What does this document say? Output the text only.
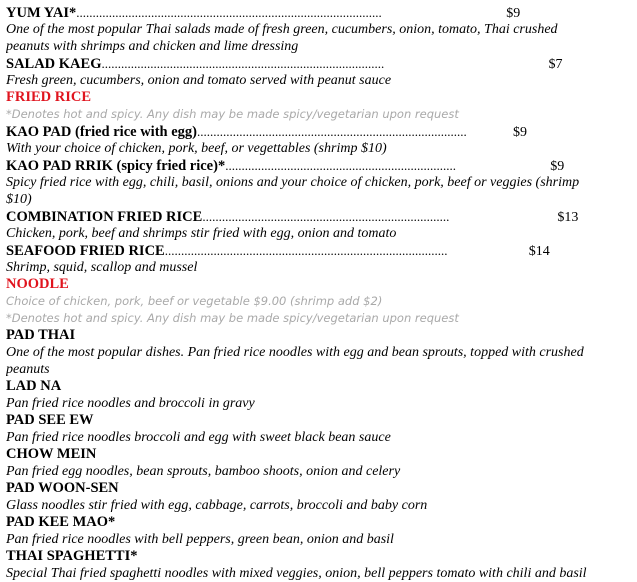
YUM YAI* ..............................................................................................	$9
One of the most popular Thai salads made of fresh green, cucumbers, onion, tomato, Thai crushed
peanuts with shrimps and chicken and lime dressing
SALAD KAEG .......................................................................................	$7
Fresh green, cucumbers, onion and tomato served with peanut sauce
FRIED RICE
*Denotes hot and spicy. Any dish may be made spicy/vegetarian upon request
KAO PAD (fried rice with egg) ...................................................................................	$9
With your choice of chicken, pork, beef, or vegettables (shrimp $10)
KAO PAD RRIK (spicy fried rice)* .......................................................................	$9
Spicy fried rice with egg, chili, basil, onions and your choice of chicken, pork, beef or veggies (shrimp
$10)
COMBINATION FRIED RICE ............................................................................	$13
Chicken, pork, beef and shrimps stir fried with egg, onion and tomato
SEAFOOD FRIED RICE .......................................................................................	$14
Shrimp, squid, scallop and mussel
NOODLE
Choice of chicken, pork, beef or vegetable $9.00 (shrimp add $2)
*Denotes hot and spicy. Any dish may be made spicy/vegetarian upon request
PAD THAI
One of the most popular dishes. Pan fried rice noodles with egg and bean sprouts, topped with crushed
peanuts
LAD NA
Pan fried rice noodles and broccoli in gravy
PAD SEE EW
Pan fried rice noodles broccoli and egg with sweet black bean sauce
CHOW MEIN
Pan fried egg noodles, bean sprouts, bamboo shoots, onion and celery
PAD WOON-SEN
Glass noodles stir fried with egg, cabbage, carrots, broccoli and baby corn
PAD KEE MAO*
Pan fried rice noodles with bell peppers, green bean, onion and basil
THAI SPAGHETTI*
Special Thai fried spaghetti noodles with mixed veggies, onion, bell peppers tomato with chili and basil
